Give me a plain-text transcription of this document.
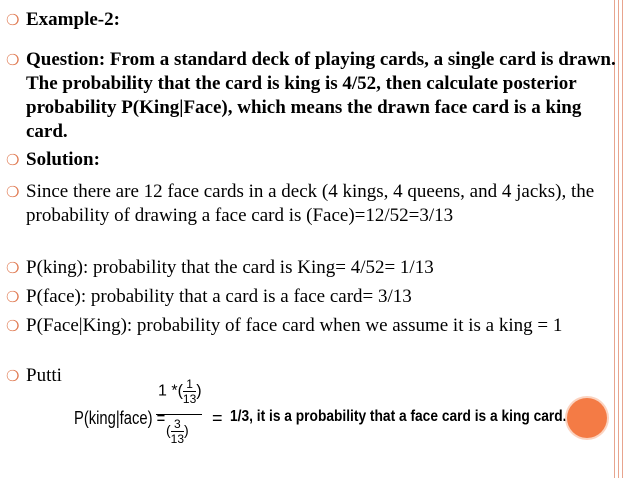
❍ Example-2:
❍ Question: From a standard deck of playing cards, a single card is drawn. The probability that the card is king is 4/52, then calculate posterior probability P(King|Face), which means the drawn face card is a king card.
❍ Solution:
❍ Since there are 12 face cards in a deck (4 kings, 4 queens, and 4 jacks), the probability of drawing a face card is (Face)=12/52=3/13
❍ P(king): probability that the card is King= 4/52= 1/13
❍ P(face): probability that a card is a face card= 3/13
❍ P(Face|King): probability of face card when we assume it is a king = 1
❍ Putti
P(king|face) =
1 *( $\frac{1}{13}$ )
( $\frac{3}{13}$ )
= 1/3, it is a probability that a face card is a king card.
